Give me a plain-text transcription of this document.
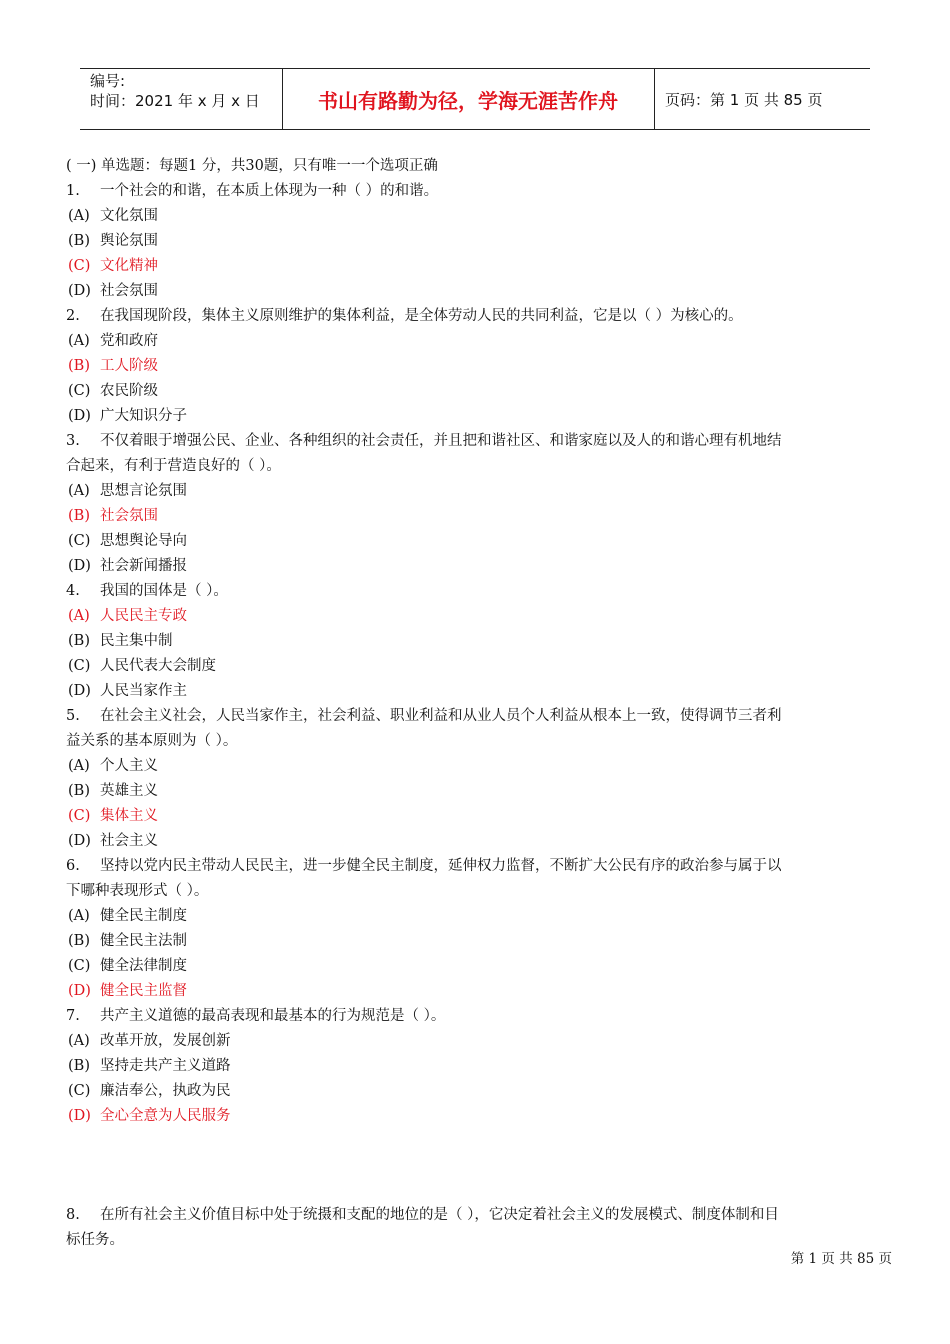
编号:
时间：2021 年 x 月 x 日	书山有路勤为径，学海无涯苦作舟	页码：第 1 页 共 85 页
( 一) 单选题：每题1 分，共30题，只有唯一一个选项正确
1. 一个社会的和谐，在本质上体现为一种（ ）的和谐。
(A) 文化氛围
(B) 舆论氛围
(C) 文化精神
(D) 社会氛围
2. 在我国现阶段，集体主义原则维护的集体利益，是全体劳动人民的共同利益，它是以（ ）为核心的。
(A) 党和政府
(B) 工人阶级
(C) 农民阶级
(D) 广大知识分子
3. 不仅着眼于增强公民、企业、各种组织的社会责任，并且把和谐社区、和谐家庭以及人的和谐心理有机地结
合起来，有利于营造良好的（ ）。
(A) 思想言论氛围
(B) 社会氛围
(C) 思想舆论导向
(D) 社会新闻播报
4. 我国的国体是（ ）。
(A) 人民民主专政
(B) 民主集中制
(C) 人民代表大会制度
(D) 人民当家作主
5. 在社会主义社会，人民当家作主，社会利益、职业利益和从业人员个人利益从根本上一致，使得调节三者利
益关系的基本原则为（ ）。
(A) 个人主义
(B) 英雄主义
(C) 集体主义
(D) 社会主义
6. 坚持以党内民主带动人民民主，进一步健全民主制度，延伸权力监督，不断扩大公民有序的政治参与属于以
下哪种表现形式（ ）。
(A) 健全民主制度
(B) 健全民主法制
(C) 健全法律制度
(D) 健全民主监督
7. 共产主义道德的最高表现和最基本的行为规范是（ ）。
(A) 改革开放，发展创新
(B) 坚持走共产主义道路
(C) 廉洁奉公，执政为民
(D) 全心全意为人民服务
8. 在所有社会主义价值目标中处于统摄和支配的地位的是（ ），它决定着社会主义的发展模式、制度体制和目
标任务。
第 1 页 共 85 页
